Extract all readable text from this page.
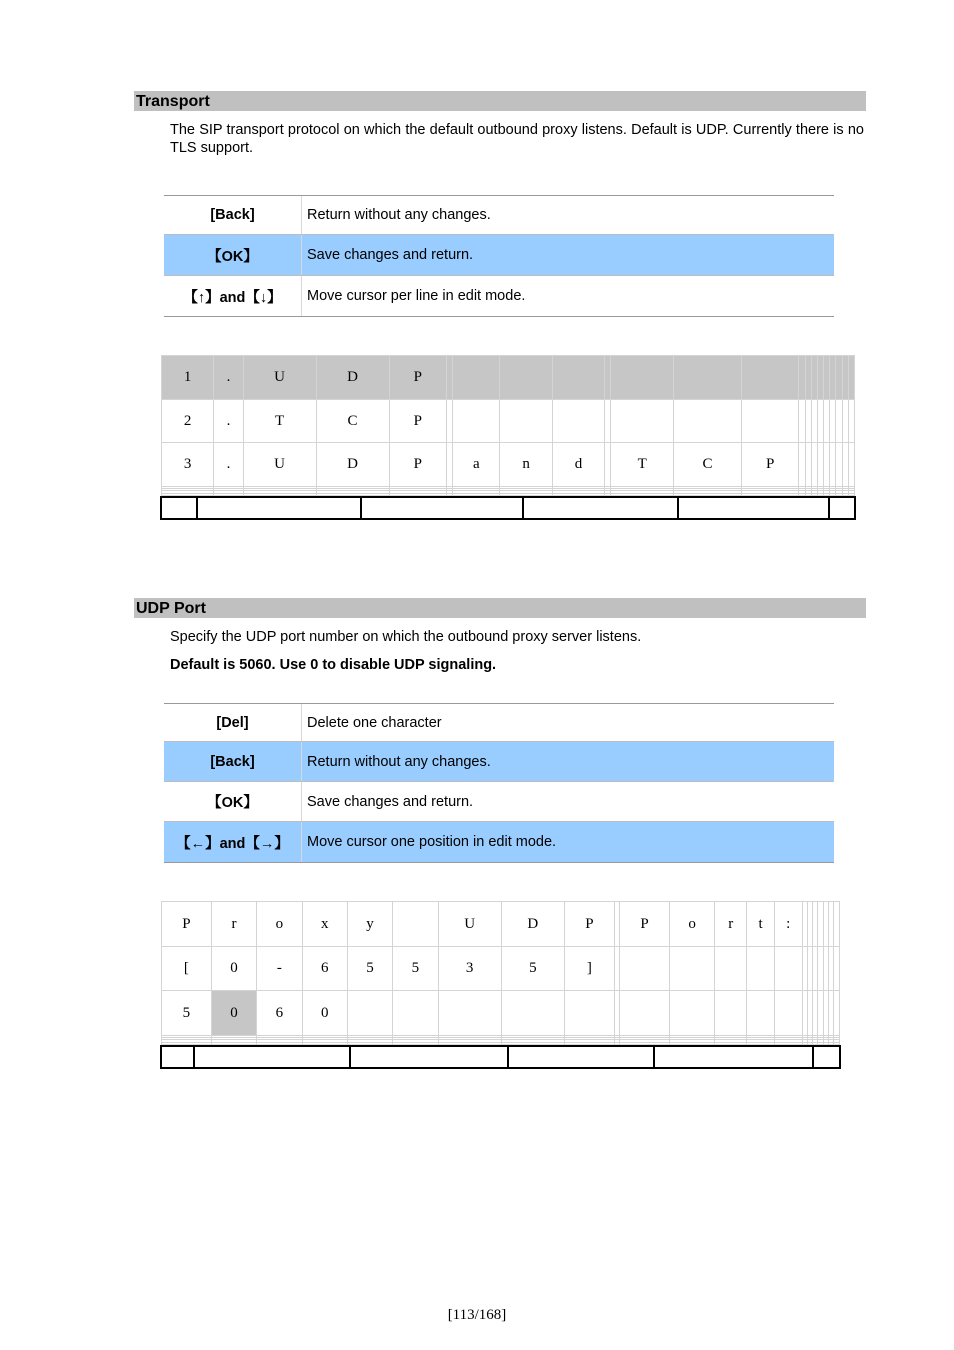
Transport
The SIP transport protocol on which the default outbound proxy listens. Default is UDP. Currently there is no TLS support.
[Back]	Return without any changes.
【OK】	Save changes and return.
【↑】and【↓】	Move cursor per line in edit mode.
1	.	U	D	P																	
2	.	T	C	P																	
3	.	U	D	P		a	n	d		T	C	P									

UDP Port
Specify the UDP port number on which the outbound proxy server listens.
Default is 5060. Use 0 to disable UDP signaling.
[Del]	Delete one character
[Back]	Return without any changes.
【OK】	Save changes and return.
【←】and【→】	Move cursor one position in edit mode.
P	r	o	x	y		U	D	P		P	o	r	t	:							
[	0	-	6	5	5	3	5	]													
5	0	6	0																		

[113/168]
